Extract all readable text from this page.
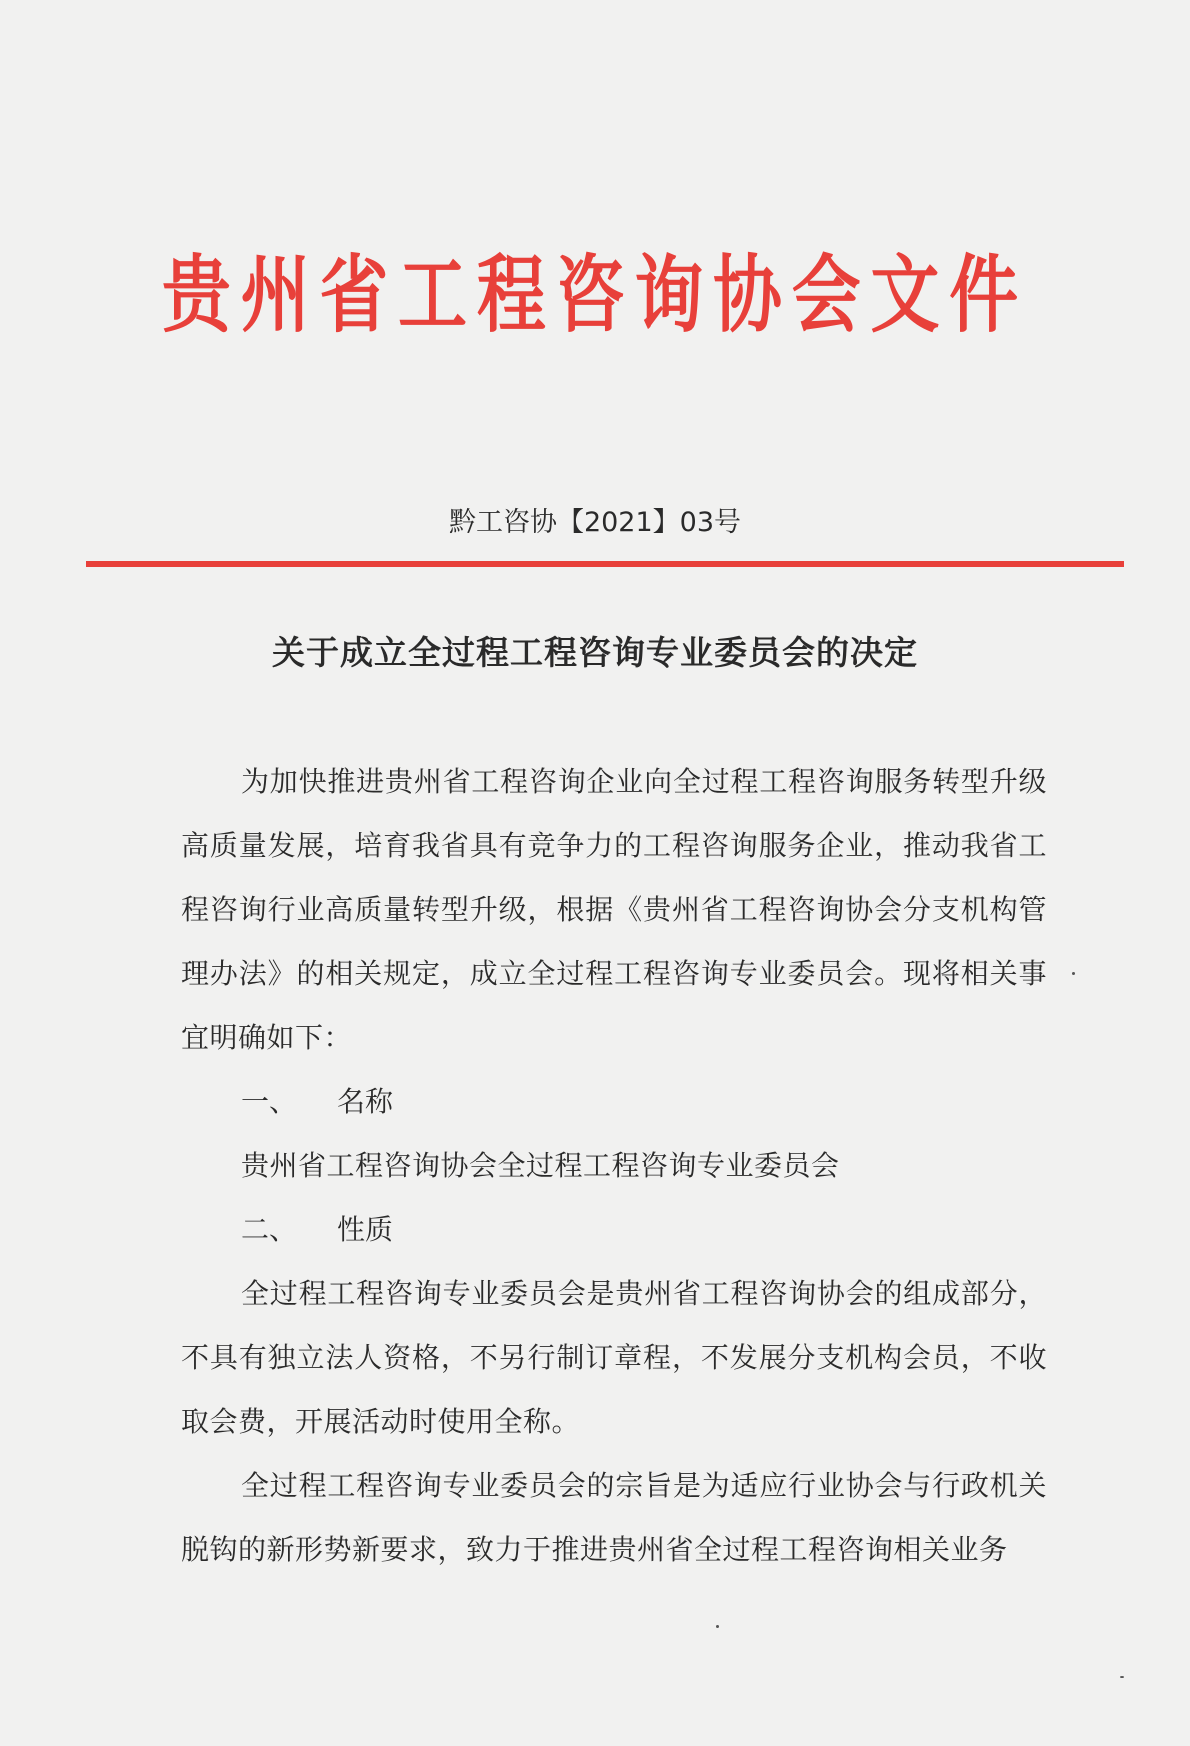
贵州省工程咨询协会文件
黔工咨协【2021】03号
关于成立全过程工程咨询专业委员会的决定

为加快推进贵州省工程咨询企业向全过程工程咨询服务转型升级高质量发展，培育我省具有竞争力的工程咨询服务企业，推动我省工程咨询行业高质量转型升级，根据《贵州省工程咨询协会分支机构管理办法》的相关规定，成立全过程工程咨询专业委员会。现将相关事宜明确如下：

一、 名称

贵州省工程咨询协会全过程工程咨询专业委员会

二、 性质

全过程工程咨询专业委员会是贵州省工程咨询协会的组成部分，不具有独立法人资格，不另行制订章程，不发展分支机构会员，不收取会费，开展活动时使用全称。

全过程工程咨询专业委员会的宗旨是为适应行业协会与行政机关脱钩的新形势新要求，致力于推进贵州省全过程工程咨询相关业务
